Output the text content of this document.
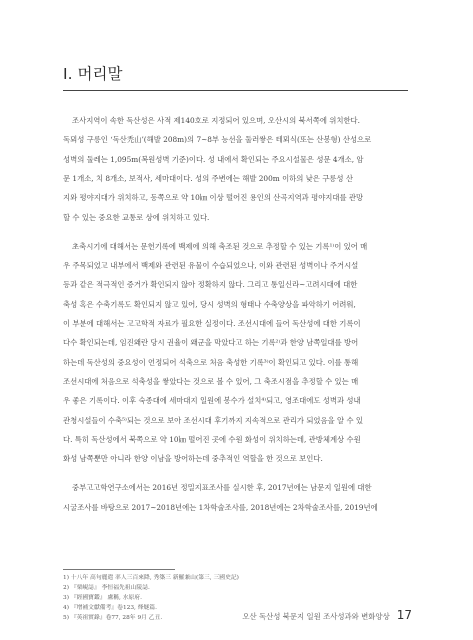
Ⅰ. 머리말
조사지역이 속한 독산성은 사적 제140호로 지정되어 있으며, 오산시의 북서쪽에 위치한다.
독뫼성 구릉인 ‘독산禿山’(해발 208m)의 7~8부 능선을 둘러쌓은 테뫼식(또는 산봉형) 산성으로
성벽의 둘레는 1,095m(복원성벽 기준)이다. 성 내에서 확인되는 주요시설물은 성문 4개소, 암
문 1개소, 치 8개소, 보적사, 세마대이다. 성의 주변에는 해발 200m 이하의 낮은 구릉성 산
지와 평야지대가 위치하고, 동쪽으로 약 10㎞ 이상 떨어진 용인의 산곡지역과 평야지대를 관망
할 수 있는 중요한 교통로 상에 위치하고 있다.
초축시기에 대해서는 문헌기록에 백제에 의해 축조된 것으로 추정할 수 있는 기록¹⁾이 있어 매
우 주목되었고 내부에서 백제와 관련된 유물이 수습되었으나, 이와 관련된 성벽이나 주거시설
등과 같은 적극적인 증거가 확인되지 않아 정확하지 않다. 그리고 통일신라~고려시대에 대한
축성 혹은 수축기록도 확인되지 않고 있어, 당시 성벽의 형태나 수축양상을 파악하기 어려워,
이 부분에 대해서는 고고학적 자료가 필요한 실정이다. 조선시대에 들어 독산성에 대한 기록이
다수 확인되는데, 임진왜란 당시 권율이 왜군을 막았다고 하는 기록²⁾과 한양 남쪽일대를 방어
하는데 독산성의 중요성이 언정되어 석축으로 처음 축성한 기록³⁾이 확인되고 있다. 이를 통해
조선시대에 처음으로 석축성을 쌓았다는 것으로 볼 수 있어, 그 축조시점을 추정할 수 있는 매
우 좋은 기록이다. 이후 숙종대에 세마대지 일원에 봉수가 설치⁴⁾되고, 영조대에도 성벽과 성내
관청시설들이 수축⁵⁾되는 것으로 보아 조선시대 후기까지 지속적으로 관리가 되었음을 알 수 있
다. 특히 독산성에서 북쪽으로 약 10㎞ 떨어진 곳에 수원 화성이 위치하는데, 관방체계상 수원
화성 남쪽뿐만 아니라 한양 이남을 방어하는데 중추적인 역할을 한 것으로 보인다.
중부고고학연구소에서는 2016년 정밀지표조사를 실시한 후, 2017년에는 남문지 일원에 대한
시굴조사를 바탕으로 2017~2018년에는 1차학술조사를, 2018년에는 2차학술조사를, 2019년에
1) 十八年 高句麗遣 率人三百來降, 秀築三 新羅兼山(第三, 三國史記)
2) 『栗峴誌』 李恒福先祖山陵誌.
3) 『經國寶鑑』 盧稱, 水原府.
4) 『增補文獻備考』卷123, 烽燧篇.
5) 『英祖實錄』卷77, 28年 9月 乙丑.	오산 독산성 북문지 일원 조사성과와 변화양상 17
